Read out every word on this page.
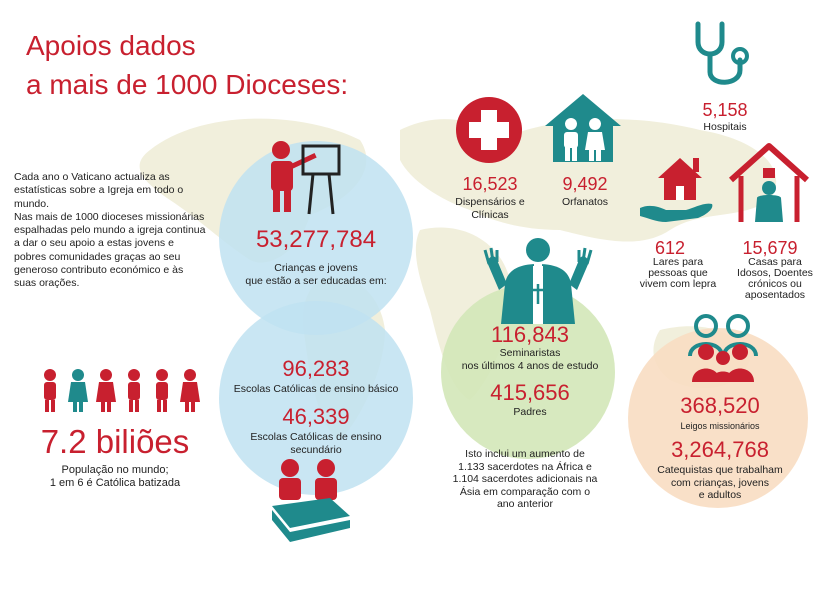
Apoios dados
a mais de 1000 Dioceses:
Cada ano o Vaticano actualiza as estatísticas sobre a Igreja em todo o mundo.
Nas mais de 1000 dioceses missionárias espalhadas pelo mundo a igreja continua a dar o seu apoio a estas jovens e pobres comunidades graças ao seu generoso contributo económico e às suas orações.
7.2 biliões
População no mundo;
1 em 6 é Católica batizada
53,277,784
Crianças e jovens
que estão a ser educadas em:
96,283
Escolas Católicas de ensino básico
46,339
Escolas Católicas de ensino
secundário
5,158
Hospitais
16,523
Dispensários e
Clínicas
9,492
Orfanatos
612
Lares para
pessoas que
vivem com lepra
15,679
Casas para
Idosos, Doentes
crónicos ou
aposentados
116,843
Seminaristas
nos últimos 4 anos de estudo
415,656
Padres
Isto inclui um aumento de
1.133 sacerdotes na África e
1.104 sacerdotes adicionais na
Ásia em comparação com o
ano anterior
368,520
Leigos missionários
3,264,768
Catequistas que trabalham
com crianças, jovens
e adultos
